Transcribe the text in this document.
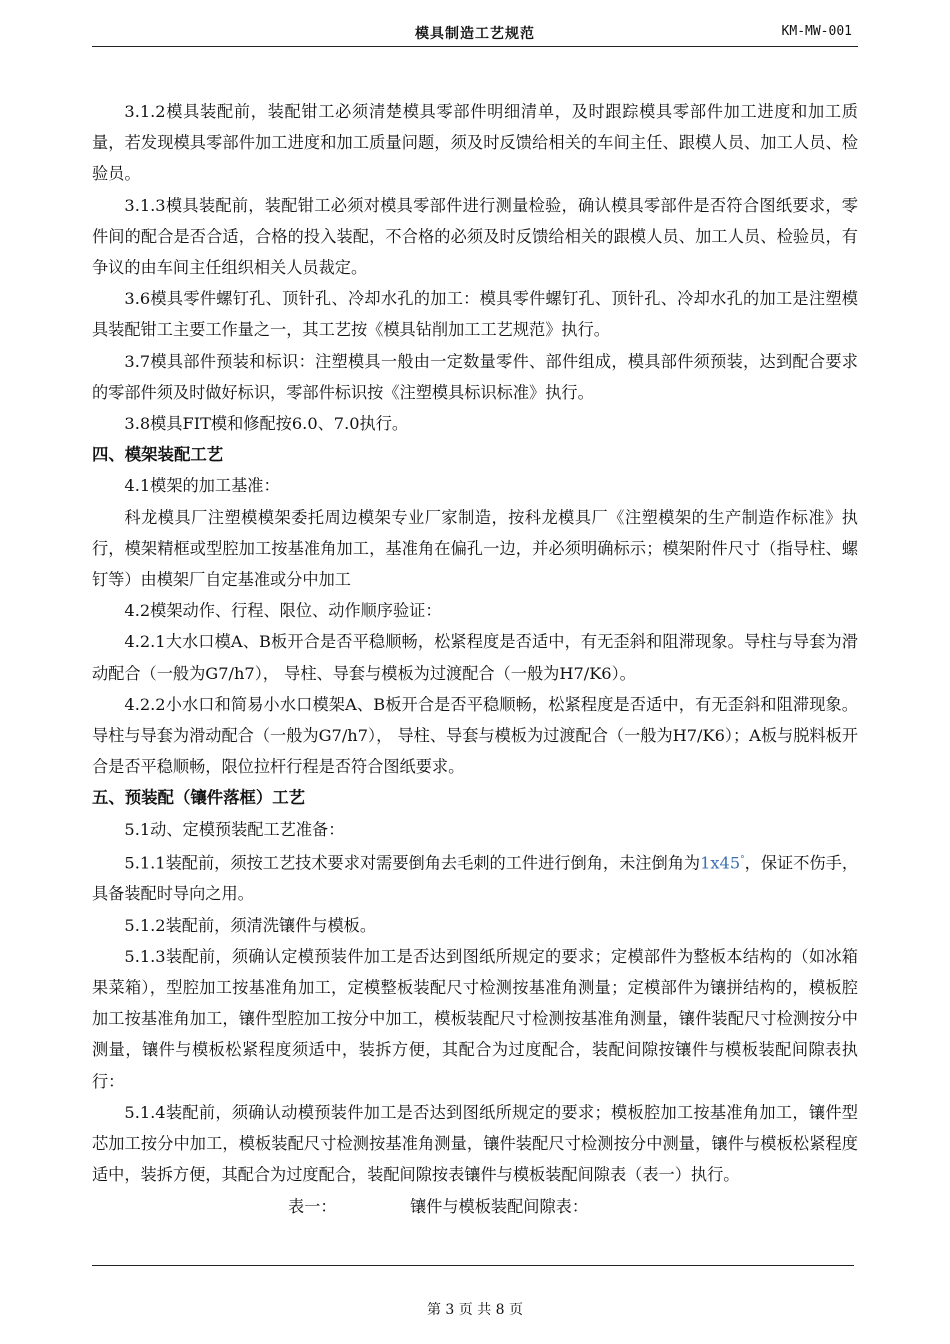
模具制造工艺规范	KM-MW-001

3.1.2模具装配前，装配钳工必须清楚模具零部件明细清单，及时跟踪模具零部件加工进度和加工质量，若发现模具零部件加工进度和加工质量问题，须及时反馈给相关的车间主任、跟模人员、加工人员、检验员。

3.1.3模具装配前，装配钳工必须对模具零部件进行测量检验，确认模具零部件是否符合图纸要求，零件间的配合是否合适，合格的投入装配，不合格的必须及时反馈给相关的跟模人员、加工人员、检验员，有争议的由车间主任组织相关人员裁定。

3.6模具零件螺钉孔、顶针孔、冷却水孔的加工：模具零件螺钉孔、顶针孔、冷却水孔的加工是注塑模具装配钳工主要工作量之一，其工艺按《模具钻削加工工艺规范》执行。

3.7模具部件预装和标识：注塑模具一般由一定数量零件、部件组成，模具部件须预装，达到配合要求的零部件须及时做好标识，零部件标识按《注塑模具标识标准》执行。

3.8模具FIT模和修配按6.0、7.0执行。

四、模架装配工艺

4.1模架的加工基准：

科龙模具厂注塑模模架委托周边模架专业厂家制造，按科龙模具厂《注塑模架的生产制造作标准》执行，模架精框或型腔加工按基准角加工，基准角在偏孔一边，并必须明确标示；模架附件尺寸（指导柱、螺钉等）由模架厂自定基准或分中加工

4.2模架动作、行程、限位、动作顺序验证：

4.2.1大水口模A、B板开合是否平稳顺畅，松紧程度是否适中，有无歪斜和阻滞现象。导柱与导套为滑动配合（一般为G7/h7）， 导柱、导套与模板为过渡配合（一般为H7/K6）。

4.2.2小水口和简易小水口模架A、B板开合是否平稳顺畅，松紧程度是否适中，有无歪斜和阻滞现象。导柱与导套为滑动配合（一般为G7/h7）， 导柱、导套与模板为过渡配合（一般为H7/K6）；A板与脱料板开合是否平稳顺畅，限位拉杆行程是否符合图纸要求。

五、预装配（镶件落框）工艺

5.1动、定模预装配工艺准备：

5.1.1装配前，须按工艺技术要求对需要倒角去毛刺的工件进行倒角，未注倒角为1x45°，保证不伤手，具备装配时导向之用。

5.1.2装配前，须清洗镶件与模板。

5.1.3装配前，须确认定模预装件加工是否达到图纸所规定的要求；定模部件为整板本结构的（如冰箱果菜箱），型腔加工按基准角加工，定模整板装配尺寸检测按基准角测量；定模部件为镶拼结构的，模板腔加工按基准角加工，镶件型腔加工按分中加工，模板装配尺寸检测按基准角测量，镶件装配尺寸检测按分中测量，镶件与模板松紧程度须适中，装拆方便，其配合为过度配合，装配间隙按镶件与模板装配间隙表执行：

5.1.4装配前，须确认动模预装件加工是否达到图纸所规定的要求；模板腔加工按基准角加工，镶件型芯加工按分中加工，模板装配尺寸检测按基准角测量，镶件装配尺寸检测按分中测量，镶件与模板松紧程度适中，装拆方便，其配合为过度配合，装配间隙按表镶件与模板装配间隙表（表一）执行。

表一：	镶件与模板装配间隙表：

第 3 页 共 8 页
